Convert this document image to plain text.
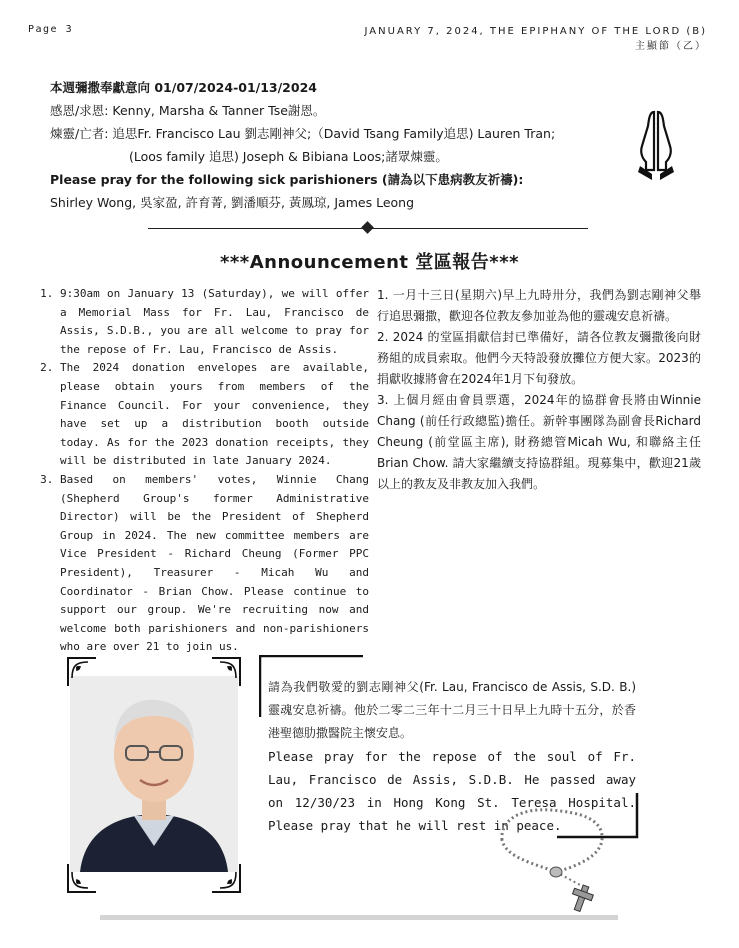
Page 3	JANUARY 7, 2024, THE EPIPHANY OF THE LORD (B)
主顯節（乙）
本週彌撒奉獻意向 01/07/2024-01/13/2024
感恩/求恩: Kenny, Marsha & Tanner Tse謝恩。
煉靈/亡者: 追思Fr. Francisco Lau 劉志剛神父;（David Tsang Family追思) Lauren Tran;
(Loos family 追思) Joseph & Bibiana Loos;諸眾煉靈。
Please pray for the following sick parishioners (請為以下患病教友祈禱):
Shirley Wong, 吳家盈, 許育菁, 劉潘順芬, 黃鳳琼, James Leong
***Announcement 堂區報告***
1. 9:30am on January 13 (Saturday), we will offer a Memorial Mass for Fr. Lau, Francisco de Assis, S.D.B., you are all welcome to pray for the repose of Fr. Lau, Francisco de Assis.
2. The 2024 donation envelopes are available, please obtain yours from members of the Finance Council. For your convenience, they have set up a distribution booth outside today. As for the 2023 donation receipts, they will be distributed in late January 2024.
3. Based on members' votes, Winnie Chang (Shepherd Group's former Administrative Director) will be the President of Shepherd Group in 2024. The new committee members are Vice President - Richard Cheung (Former PPC President), Treasurer - Micah Wu and Coordinator - Brian Chow. Please continue to support our group. We're recruiting now and welcome both parishioners and non-parishioners who are over 21 to join us.

1. 一月十三日(星期六)早上九時卅分，我們為劉志剛神父舉行追思彌撒，歡迎各位教友參加並為他的靈魂安息祈禱。

2. 2024 的堂區捐獻信封已準備好，請各位教友彌撒後向財務組的成員索取。他們今天特設發放攤位方便大家。2023的捐獻收據將會在2024年1月下旬發放。

3. 上個月經由會員票選，2024年的協群會長將由Winnie Chang (前任行政總監)擔任。新幹事團隊為副會長Richard Cheung (前堂區主席), 財務總管Micah Wu, 和聯絡主任Brian Chow. 請大家繼續支持協群組。現募集中，歡迎21歲以上的教友及非教友加入我們。

請為我們敬愛的劉志剛神父(Fr. Lau, Francisco de Assis, S.D. B.) 靈魂安息祈禱。他於二零二三年十二月三十日早上九時十五分，於香港聖德肋撒醫院主懷安息。
Please pray for the repose of the soul of Fr. Lau, Francisco de Assis, S.D.B. He passed away on 12/30/23 in Hong Kong St. Teresa Hospital. Please pray that he will rest in peace.
